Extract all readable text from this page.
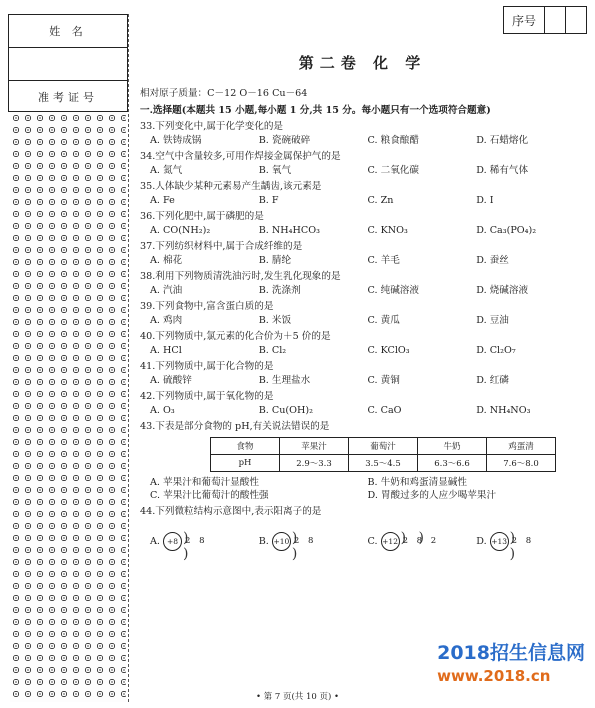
姓 名
准考证号
序号
第二卷 化 学
相对原子质量：C－12 O－16 Cu－64
一.选择题(本题共 15 小题,每小题 1 分,共 15 分。每小题只有一个选项符合题意)
33.下列变化中,属于化学变化的是
A. 铁铸成锅	B. 瓷碗破碎	C. 粮食酿醋	D. 石蜡熔化
34.空气中含量较多,可用作焊接金属保护气的是
A. 氮气	B. 氧气	C. 二氧化碳	D. 稀有气体
35.人体缺少某种元素易产生龋齿,该元素是
A. Fe	B. F	C. Zn	D. I
36.下列化肥中,属于磷肥的是
A. CO(NH₂)₂	B. NH₄HCO₃	C. KNO₃	D. Ca₃(PO₄)₂
37.下列纺织材料中,属于合成纤维的是
A. 棉花	B. 腈纶	C. 羊毛	D. 蚕丝
38.利用下列物质清洗油污时,发生乳化现象的是
A. 汽油	B. 洗涤剂	C. 纯碱溶液	D. 烧碱溶液
39.下列食物中,富含蛋白质的是
A. 鸡肉	B. 米饭	C. 黄瓜	D. 豆油
40.下列物质中,氯元素的化合价为＋5 价的是
A. HCl	B. Cl₂	C. KClO₃	D. Cl₂O₇
41.下列物质中,属于化合物的是
A. 硫酸锌	B. 生理盐水	C. 黄铜	D. 红磷
42.下列物质中,属于氧化物的是
A. O₃	B. Cu(OH)₂	C. CaO	D. NH₄NO₃
43.下表是部分食物的 pH,有关说法错误的是
食物	苹果汁	葡萄汁	牛奶	鸡蛋清
pH	2.9～3.3	3.5～4.5	6.3～6.6	7.6～8.0
A. 苹果汁和葡萄汁显酸性	B. 牛奶和鸡蛋清显碱性
C. 苹果汁比葡萄汁的酸性强	D. 胃酸过多的人应少喝苹果汁
44.下列微粒结构示意图中,表示阳离子的是
A. +8 ) ) 2 8	B. +10 ) ) 2 8	C. +12 ) ) 2 8 2	D. +13 ) ) 2 8
2018招生信息网
www.2018.cn
• 第 7 页(共 10 页) •
